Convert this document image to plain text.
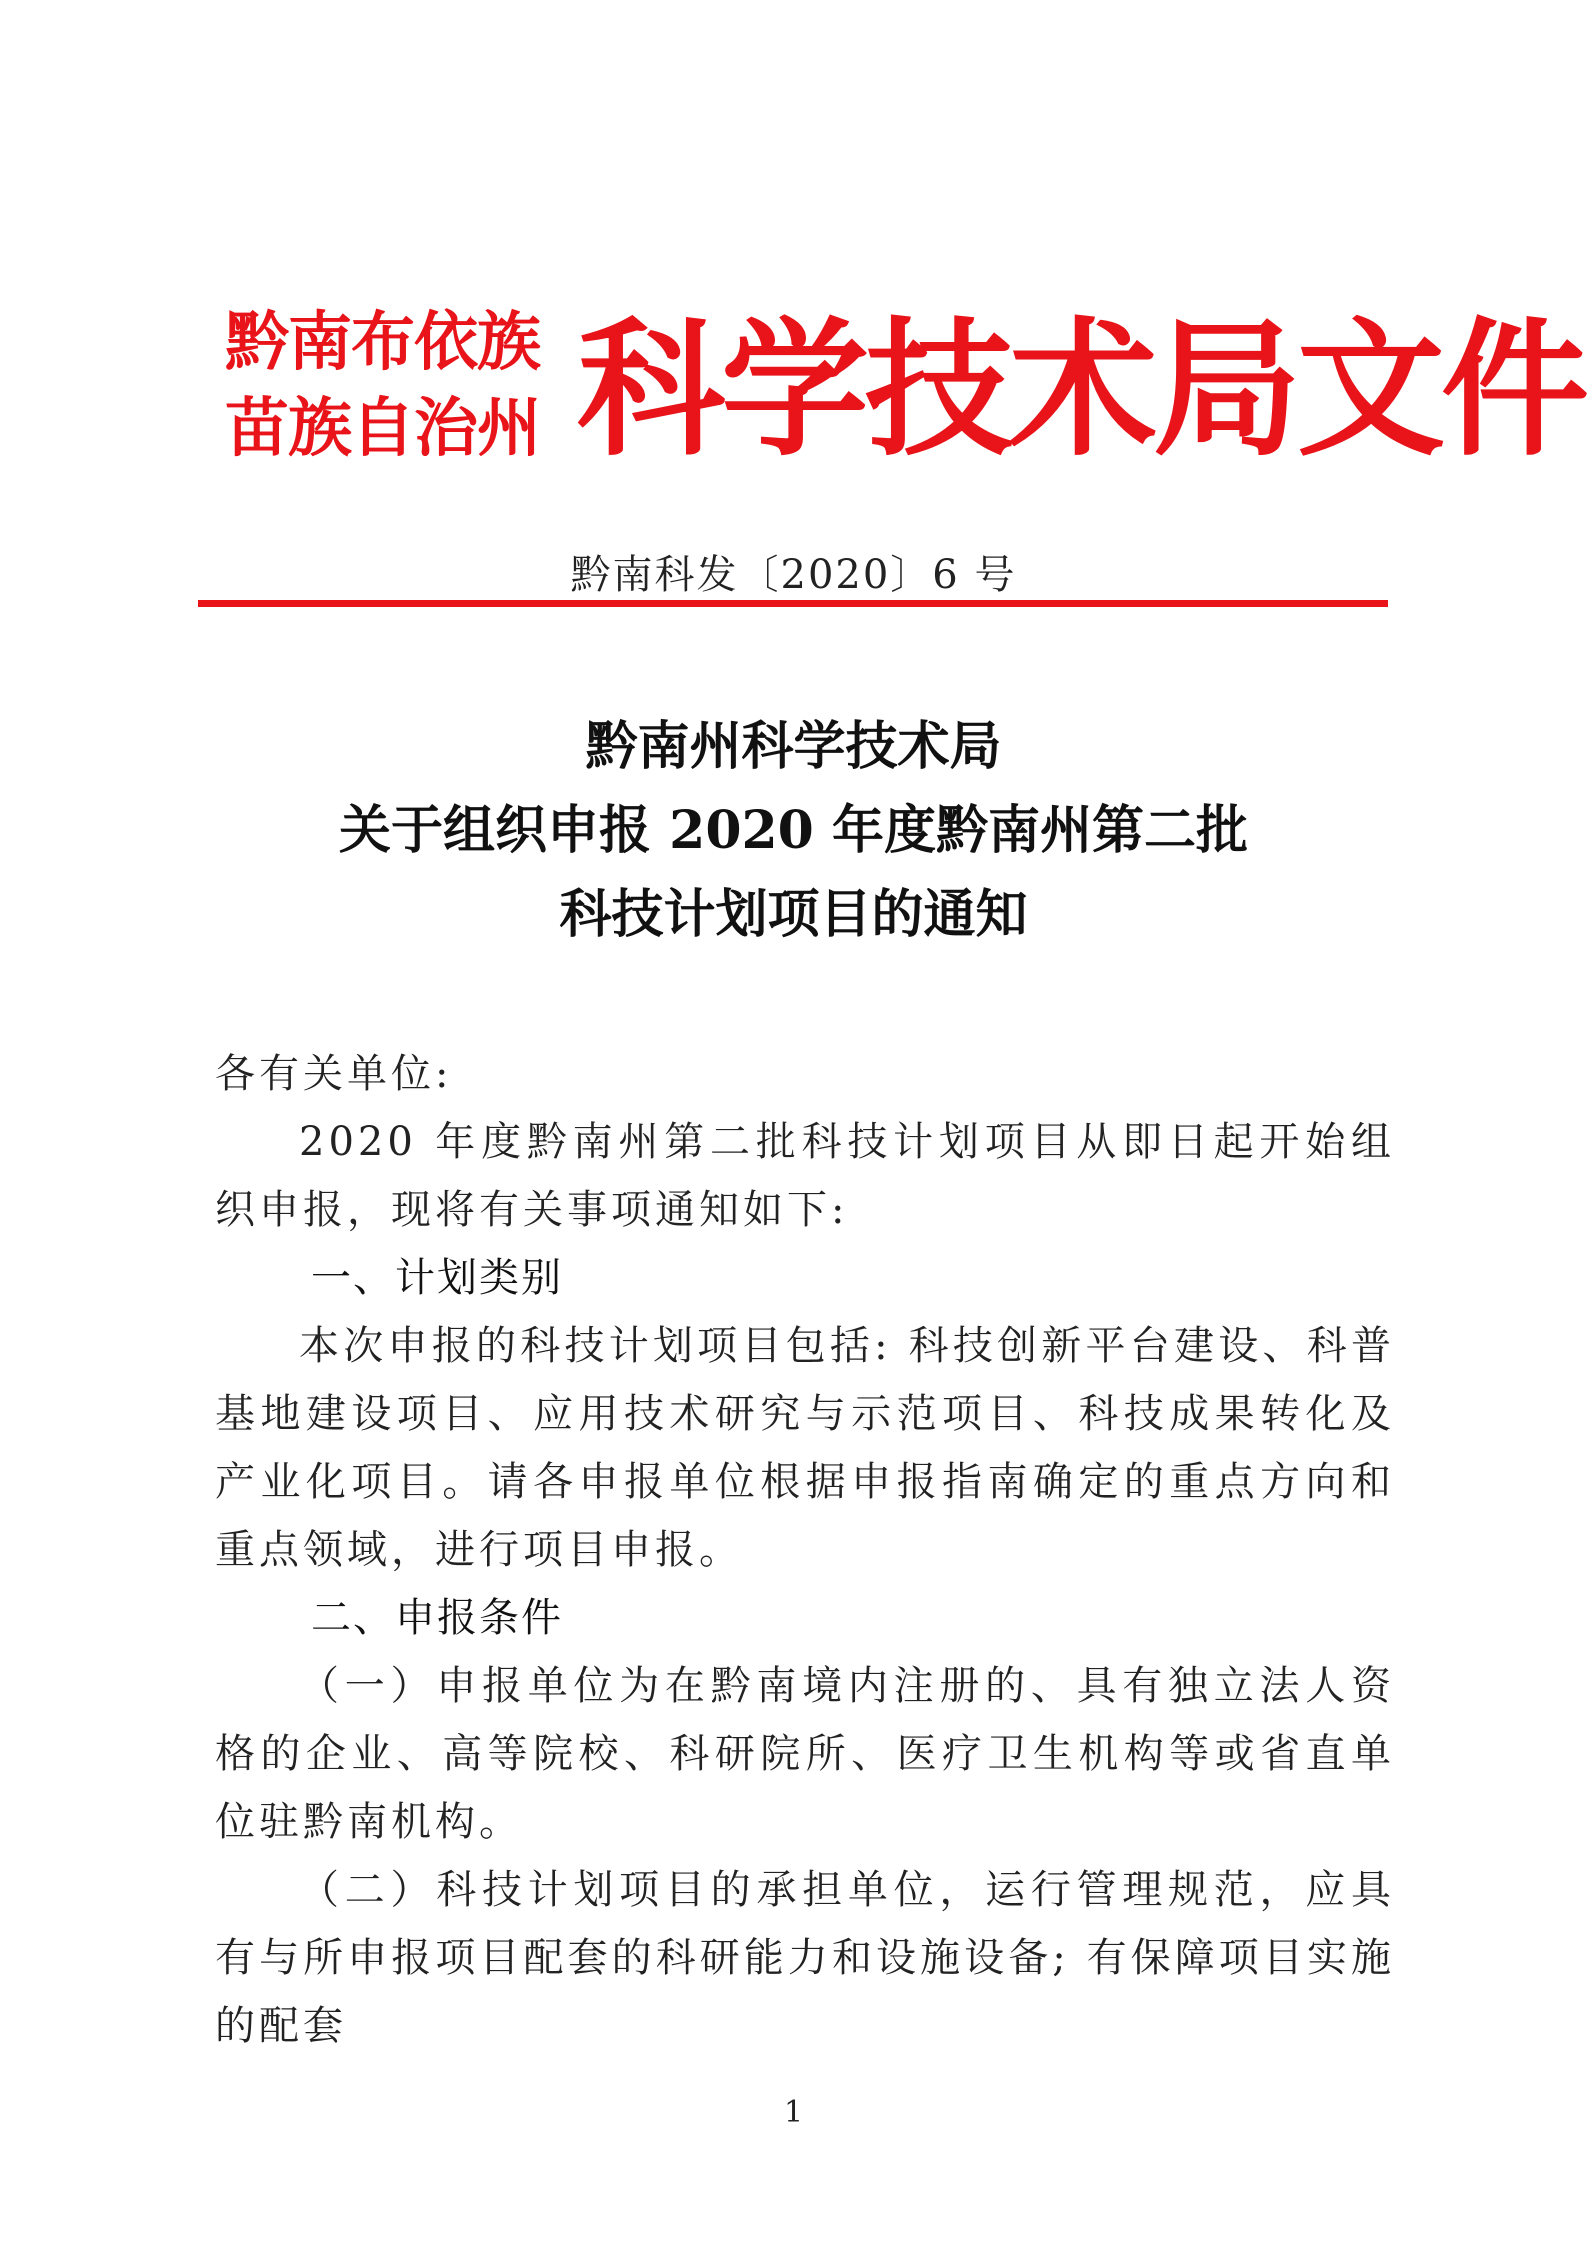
黔南布依族
苗族自治州 科学技术局文件
黔南科发〔2020〕6 号
黔南州科学技术局
关于组织申报 2020 年度黔南州第二批
科技计划项目的通知
各有关单位:
2020 年度黔南州第二批科技计划项目从即日起开始组织申报，现将有关事项通知如下:
一、计划类别
本次申报的科技计划项目包括: 科技创新平台建设、科普基地建设项目、应用技术研究与示范项目、科技成果转化及产业化项目。请各申报单位根据申报指南确定的重点方向和重点领域，进行项目申报。
二、申报条件
（一）申报单位为在黔南境内注册的、具有独立法人资格的企业、高等院校、科研院所、医疗卫生机构等或省直单位驻黔南机构。
（二）科技计划项目的承担单位，运行管理规范，应具有与所申报项目配套的科研能力和设施设备; 有保障项目实施的配套
1
